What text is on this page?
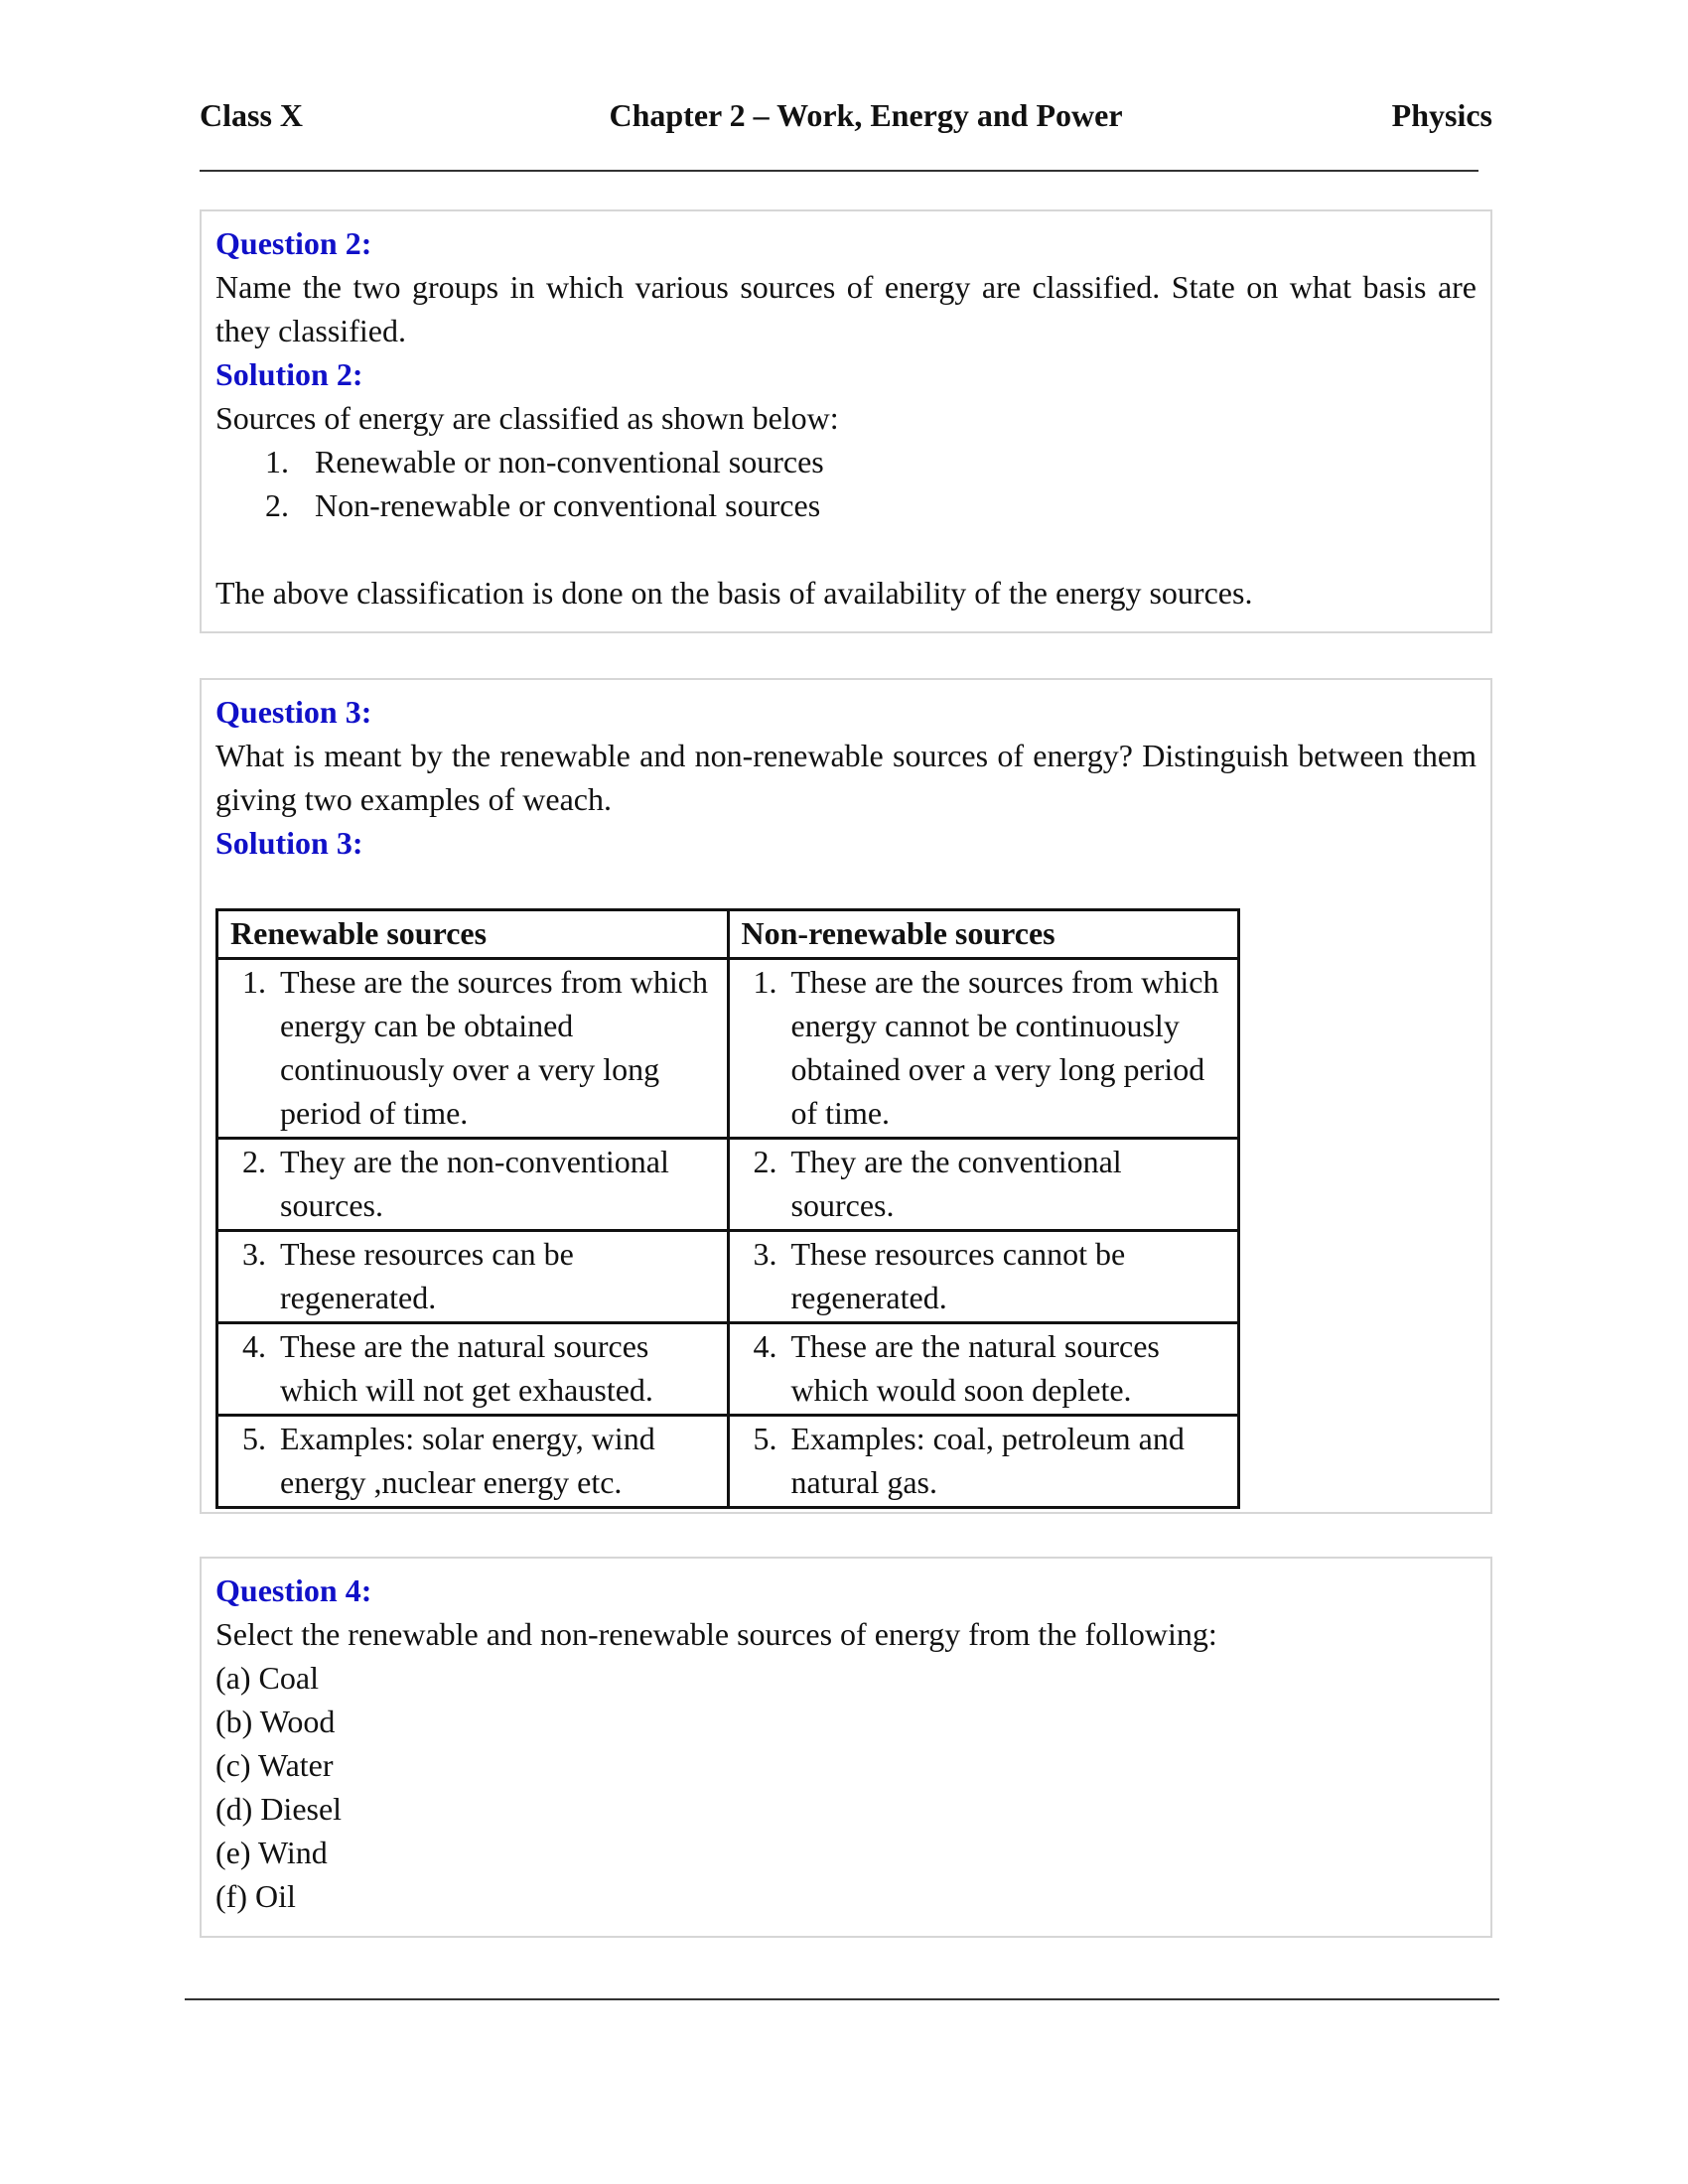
Class X	Chapter 2 – Work, Energy and Power	Physics
Question 2:
Name the two groups in which various sources of energy are classified. State on what basis are they classified.
Solution 2:
Sources of energy are classified as shown below:
1. Renewable or non-conventional sources
2. Non-renewable or conventional sources
The above classification is done on the basis of availability of the energy sources.
Question 3:
What is meant by the renewable and non-renewable sources of energy? Distinguish between them giving two examples of weach.
Solution 3:
Renewable sources	Non-renewable sources

1. These are the sources from which energy can be obtained continuously over a very long period of time.	1. These are the sources from which energy cannot be continuously obtained over a very long period of time.

2. They are the non-conventional sources.	2. They are the conventional sources.

3. These resources can be regenerated.	3. These resources cannot be regenerated.

4. These are the natural sources which will not get exhausted.	4. These are the natural sources which would soon deplete.

5. Examples: solar energy, wind energy ,nuclear energy etc.	5. Examples: coal, petroleum and natural gas.
Question 4:
Select the renewable and non-renewable sources of energy from the following:
(a) Coal
(b) Wood
(c) Water
(d) Diesel
(e) Wind
(f) Oil
